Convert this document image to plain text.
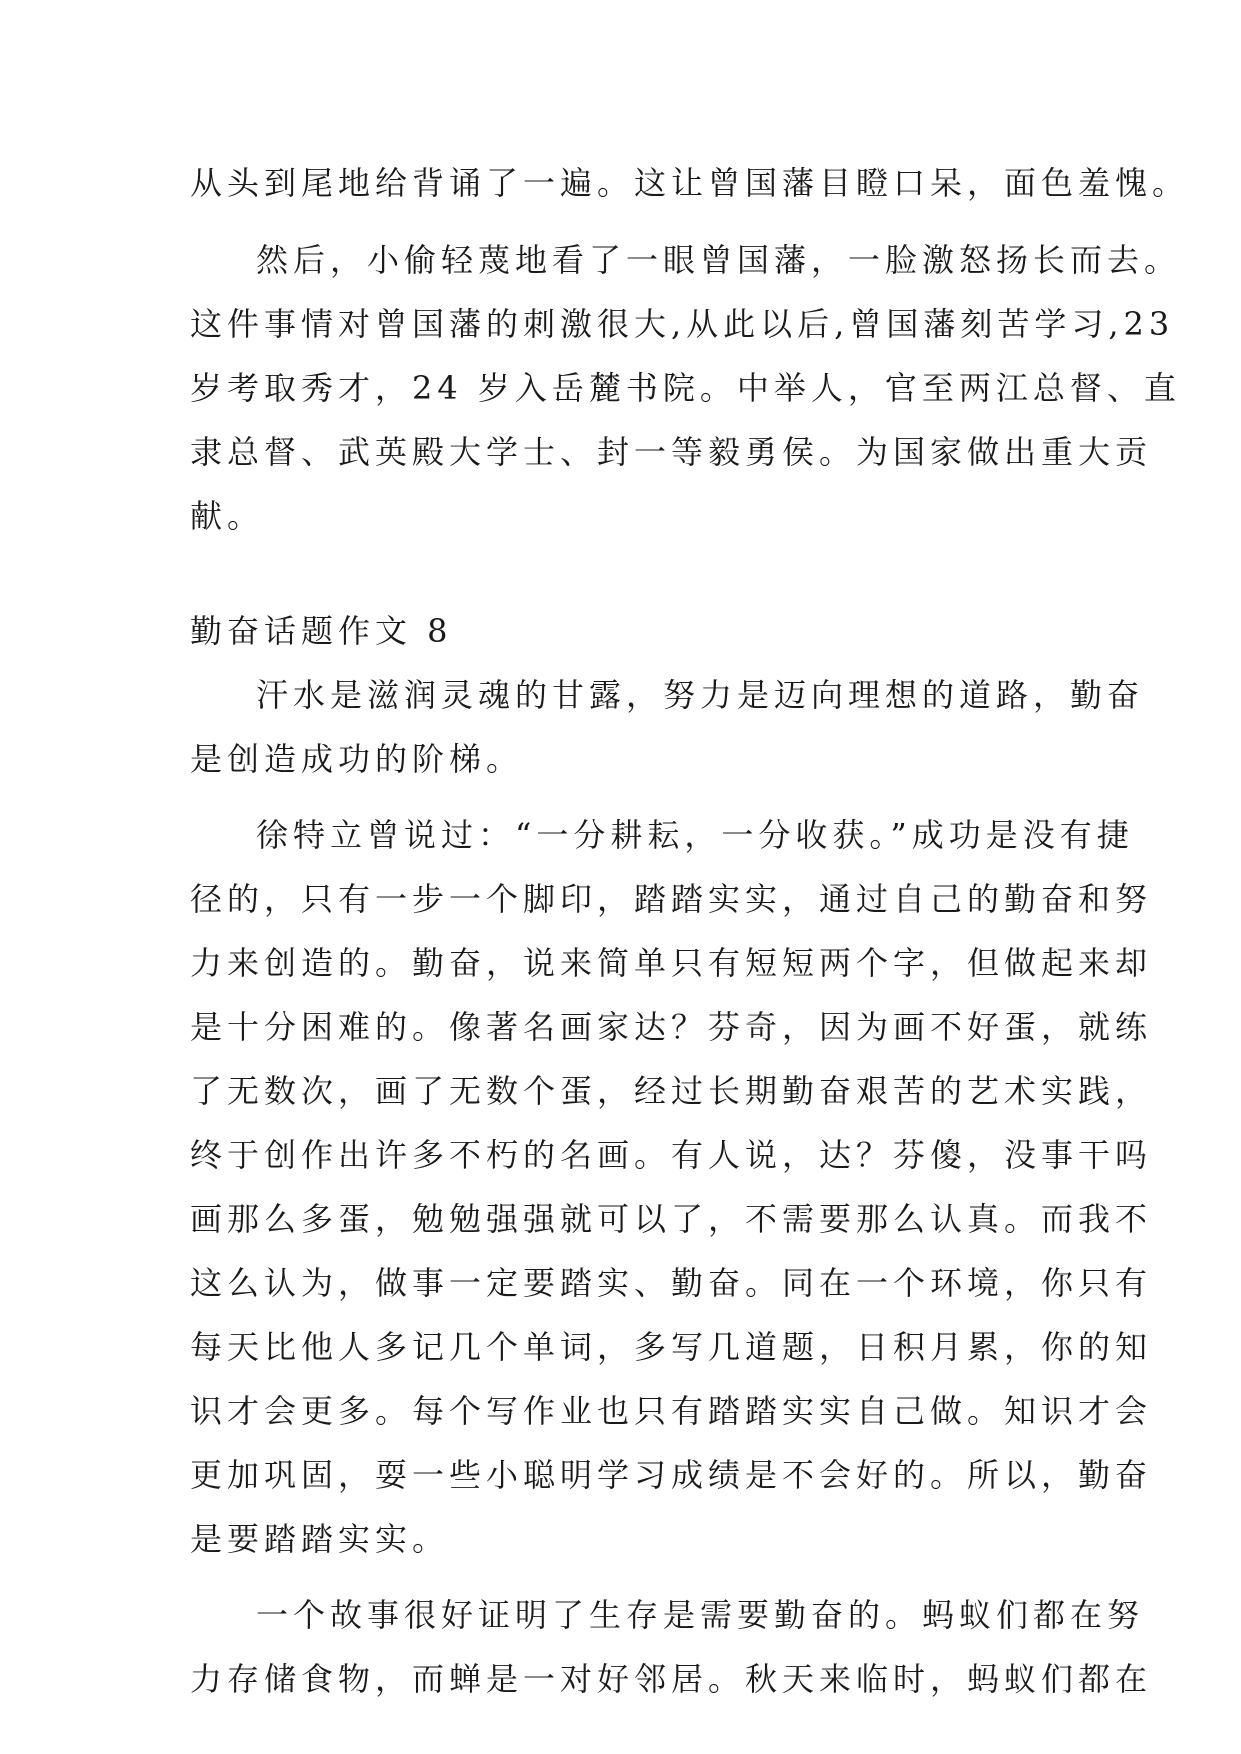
从头到尾地给背诵了一遍。这让曾国藩目瞪口呆，面色羞愧。
然后，小偷轻蔑地看了一眼曾国藩，一脸激怒扬长而去。
这件事情对曾国藩的刺激很大,从此以后,曾国藩刻苦学习,23
岁考取秀才，24 岁入岳麓书院。中举人，官至两江总督、直
隶总督、武英殿大学士、封一等毅勇侯。为国家做出重大贡
献。
勤奋话题作文 8
汗水是滋润灵魂的甘露，努力是迈向理想的道路，勤奋
是创造成功的阶梯。
徐特立曾说过：“一分耕耘，一分收获。”成功是没有捷
径的，只有一步一个脚印，踏踏实实，通过自己的勤奋和努
力来创造的。勤奋，说来简单只有短短两个字，但做起来却
是十分困难的。像著名画家达？芬奇，因为画不好蛋，就练
了无数次，画了无数个蛋，经过长期勤奋艰苦的艺术实践，
终于创作出许多不朽的名画。有人说，达？芬傻，没事干吗
画那么多蛋，勉勉强强就可以了，不需要那么认真。而我不
这么认为，做事一定要踏实、勤奋。同在一个环境，你只有
每天比他人多记几个单词，多写几道题，日积月累，你的知
识才会更多。每个写作业也只有踏踏实实自己做。知识才会
更加巩固，耍一些小聪明学习成绩是不会好的。所以，勤奋
是要踏踏实实。
一个故事很好证明了生存是需要勤奋的。蚂蚁们都在努
力存储食物，而蝉是一对好邻居。秋天来临时，蚂蚁们都在
